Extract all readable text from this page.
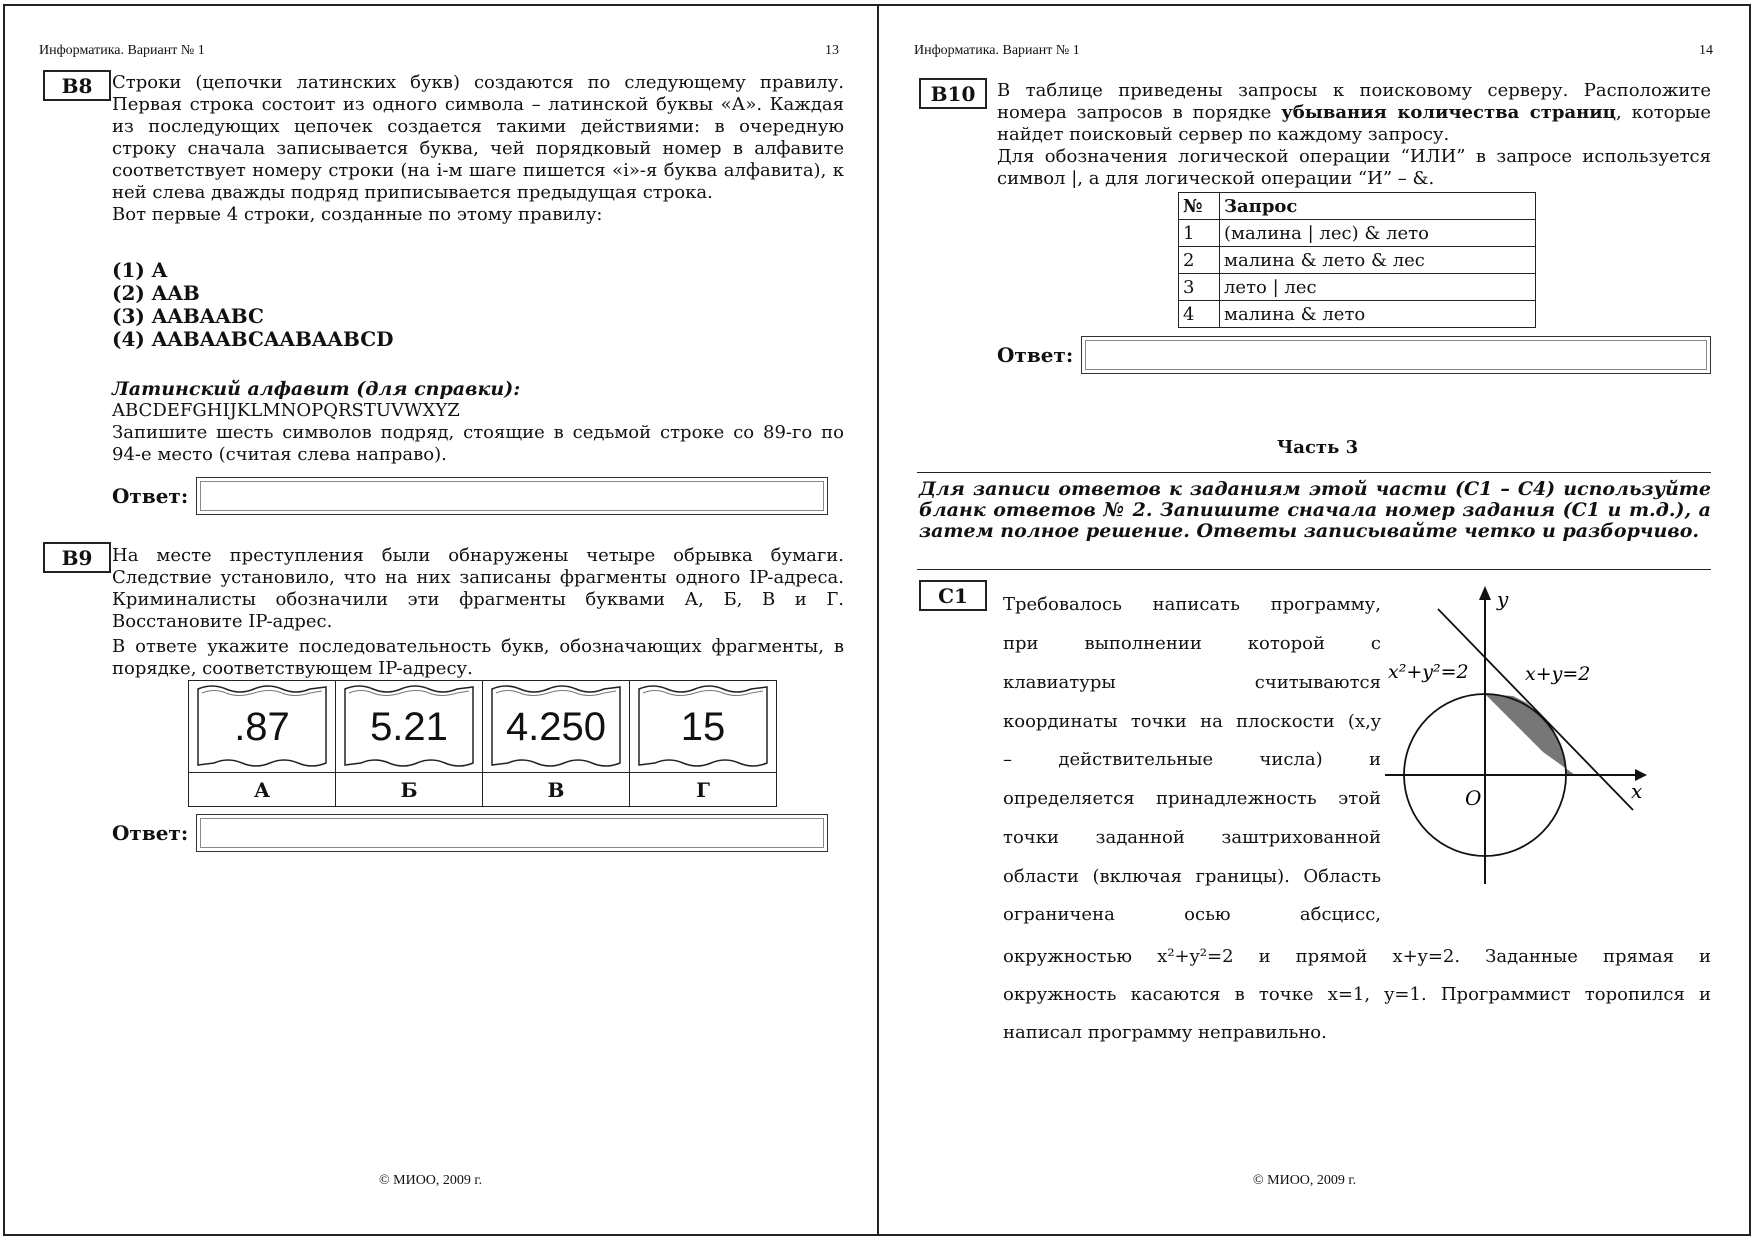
Информатика. Вариант № 1	13
B8	Строки (цепочки латинских букв) создаются по следующему правилу. Первая строка состоит из одного символа – латинской буквы «А». Каждая из последующих цепочек создается такими действиями: в очередную строку сначала записывается буква, чей порядковый номер в алфавите соответствует номеру строки (на i-м шаге пишется «i»-я буква алфавита), к ней слева дважды подряд приписывается предыдущая строка.

Вот первые 4 строки, созданные по этому правилу:

(1) A
(2) AAB
(3) AABAABC
(4) AABAABCAABAABCD

Латинский алфавит (для справки):

ABCDEFGHIJKLMNOPQRSTUVWXYZ

Запишите шесть символов подряд, стоящие в седьмой строке со 89-го по 94-е место (считая слева направо).

Ответ:
B9	На месте преступления были обнаружены четыре обрывка бумаги. Следствие установило, что на них записаны фрагменты одного IP-адреса. Криминалисты обозначили эти фрагменты буквами А, Б, В и Г. Восстановите IP-адрес.

В ответе укажите последовательность букв, обозначающих фрагменты, в порядке, соответствующем IP-адресу.

.87	5.21	4.250	15

А	Б	В	Г
Ответ:
© МИОО, 2009 г.
Информатика. Вариант № 1	14
B10	В таблице приведены запросы к поисковому серверу. Расположите номера запросов в порядке убывания количества страниц, которые найдет поисковый сервер по каждому запросу.

Для обозначения логической операции “ИЛИ” в запросе используется символ |, а для логической операции “И” – &.

№	Запрос
1	(малина | лес) & лето
2	малина & лето & лес
3	лето | лес
4	малина & лето
Ответ:
Часть 3
Для записи ответов к заданиям этой части (С1 – С4) используйте бланк ответов № 2. Запишите сначала номер задания (С1 и т.д.), а затем полное решение. Ответы записывайте четко и разборчиво.
C1	Требовалось написать программу,
при выполнении которой с
клавиатуры считываются
координаты точки на плоскости (x,y
– действительные числа) и
определяется принадлежность этой
точки заданной заштрихованной
области (включая границы). Область
ограничена осью абсцисс,
окружностью x²+y²=2 и прямой x+y=2. Заданные прямая и
окружность касаются в точке x=1, y=1. Программист торопился и
написал программу неправильно.
y
x
O
x²+y²=2	x+y=2
© МИОО, 2009 г.
